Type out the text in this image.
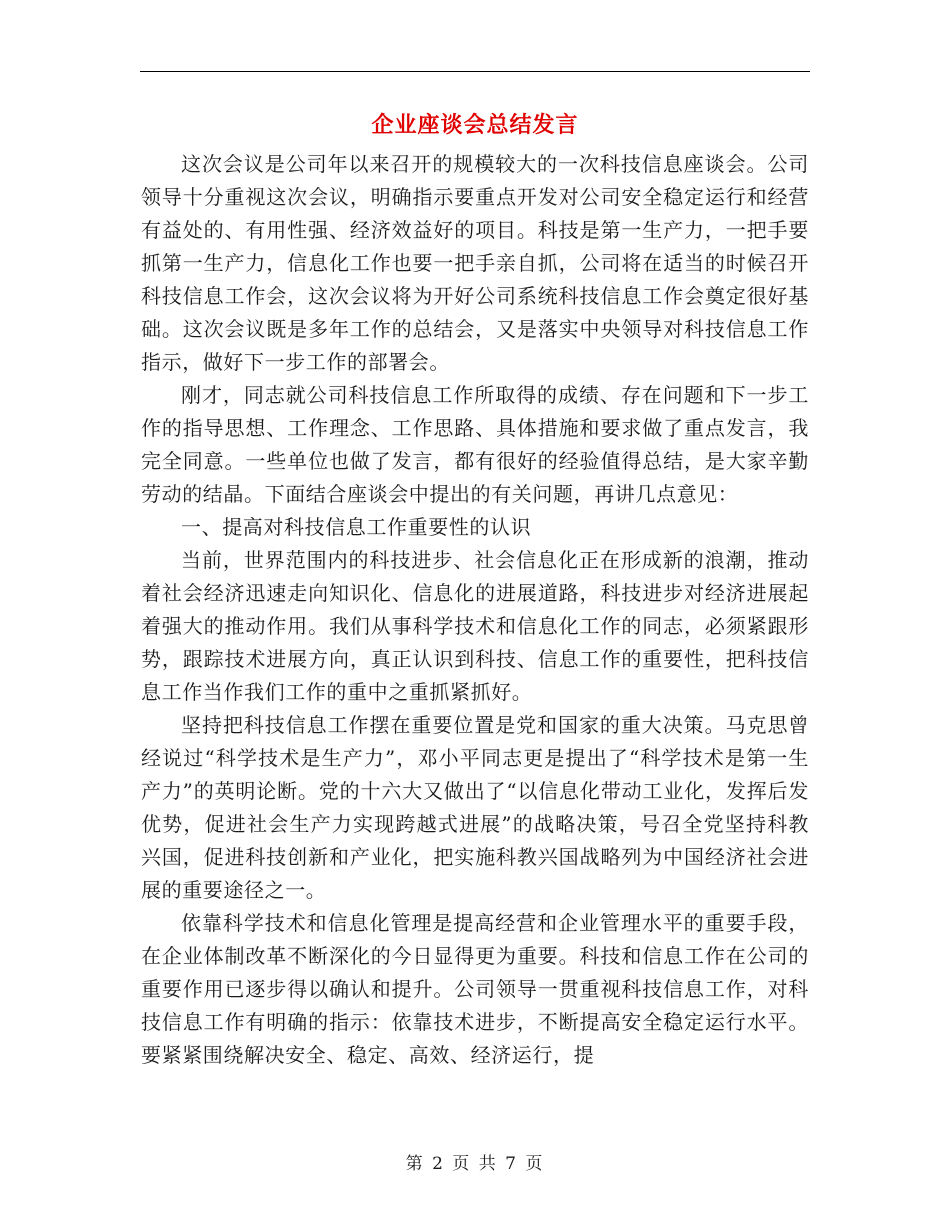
企业座谈会总结发言

这次会议是公司年以来召开的规模较大的一次科技信息座谈会。公司领导十分重视这次会议，明确指示要重点开发对公司安全稳定运行和经营有益处的、有用性强、经济效益好的项目。科技是第一生产力，一把手要抓第一生产力，信息化工作也要一把手亲自抓，公司将在适当的时候召开科技信息工作会，这次会议将为开好公司系统科技信息工作会奠定很好基础。这次会议既是多年工作的总结会，又是落实中央领导对科技信息工作指示，做好下一步工作的部署会。

刚才，同志就公司科技信息工作所取得的成绩、存在问题和下一步工作的指导思想、工作理念、工作思路、具体措施和要求做了重点发言，我完全同意。一些单位也做了发言，都有很好的经验值得总结，是大家辛勤劳动的结晶。下面结合座谈会中提出的有关问题，再讲几点意见：

一、提高对科技信息工作重要性的认识

当前，世界范围内的科技进步、社会信息化正在形成新的浪潮，推动着社会经济迅速走向知识化、信息化的进展道路，科技进步对经济进展起着强大的推动作用。我们从事科学技术和信息化工作的同志，必须紧跟形势，跟踪技术进展方向，真正认识到科技、信息工作的重要性，把科技信息工作当作我们工作的重中之重抓紧抓好。

坚持把科技信息工作摆在重要位置是党和国家的重大决策。马克思曾经说过“科学技术是生产力”，邓小平同志更是提出了“科学技术是第一生产力”的英明论断。党的十六大又做出了“以信息化带动工业化，发挥后发优势，促进社会生产力实现跨越式进展”的战略决策，号召全党坚持科教兴国，促进科技创新和产业化，把实施科教兴国战略列为中国经济社会进展的重要途径之一。

依靠科学技术和信息化管理是提高经营和企业管理水平的重要手段，在企业体制改革不断深化的今日显得更为重要。科技和信息工作在公司的重要作用已逐步得以确认和提升。公司领导一贯重视科技信息工作，对科技信息工作有明确的指示：依靠技术进步，不断提高安全稳定运行水平。要紧紧围绕解决安全、稳定、高效、经济运行，提

第 2 页 共 7 页
